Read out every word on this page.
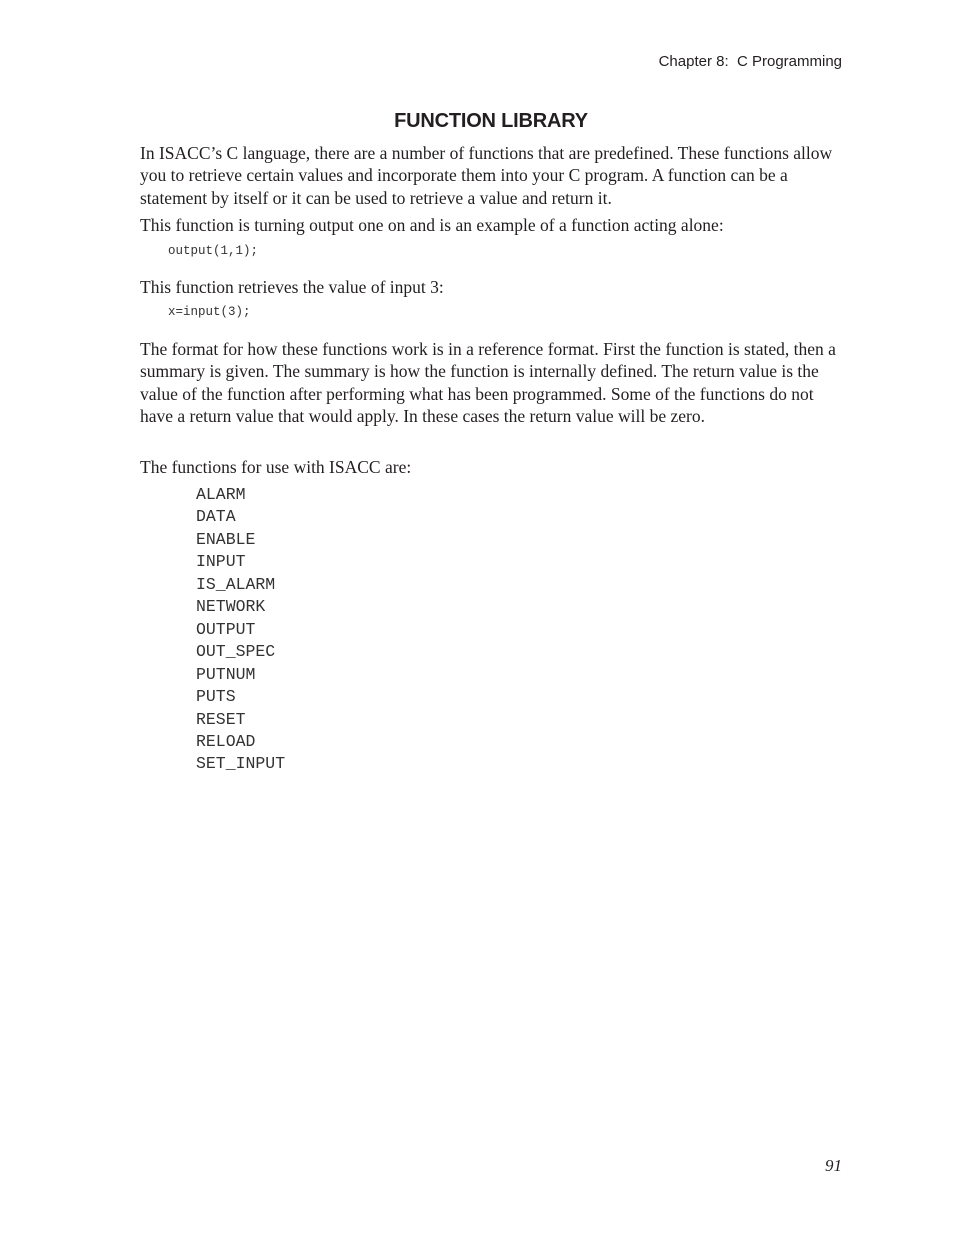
Chapter 8:  C Programming
FUNCTION LIBRARY

In ISACC’s C language, there are a number of functions that are predefined. These functions allow you to retrieve certain values and incorporate them into your C program. A function can be a statement by itself or it can be used to retrieve a value and return it.

This function is turning output one on and is an example of a function acting alone:

output(1,1);

This function retrieves the value of input 3:

x=input(3);

The format for how these functions work is in a reference format. First the function is stated, then a summary is given. The summary is how the function is internally defined. The return value is the value of the function after performing what has been programmed. Some of the functions do not have a return value that would apply. In these cases the return value will be zero.

The functions for use with ISACC are:

ALARM
DATA
ENABLE
INPUT
IS_ALARM
NETWORK
OUTPUT
OUT_SPEC
PUTNUM
PUTS
RESET
RELOAD
SET_INPUT
91
